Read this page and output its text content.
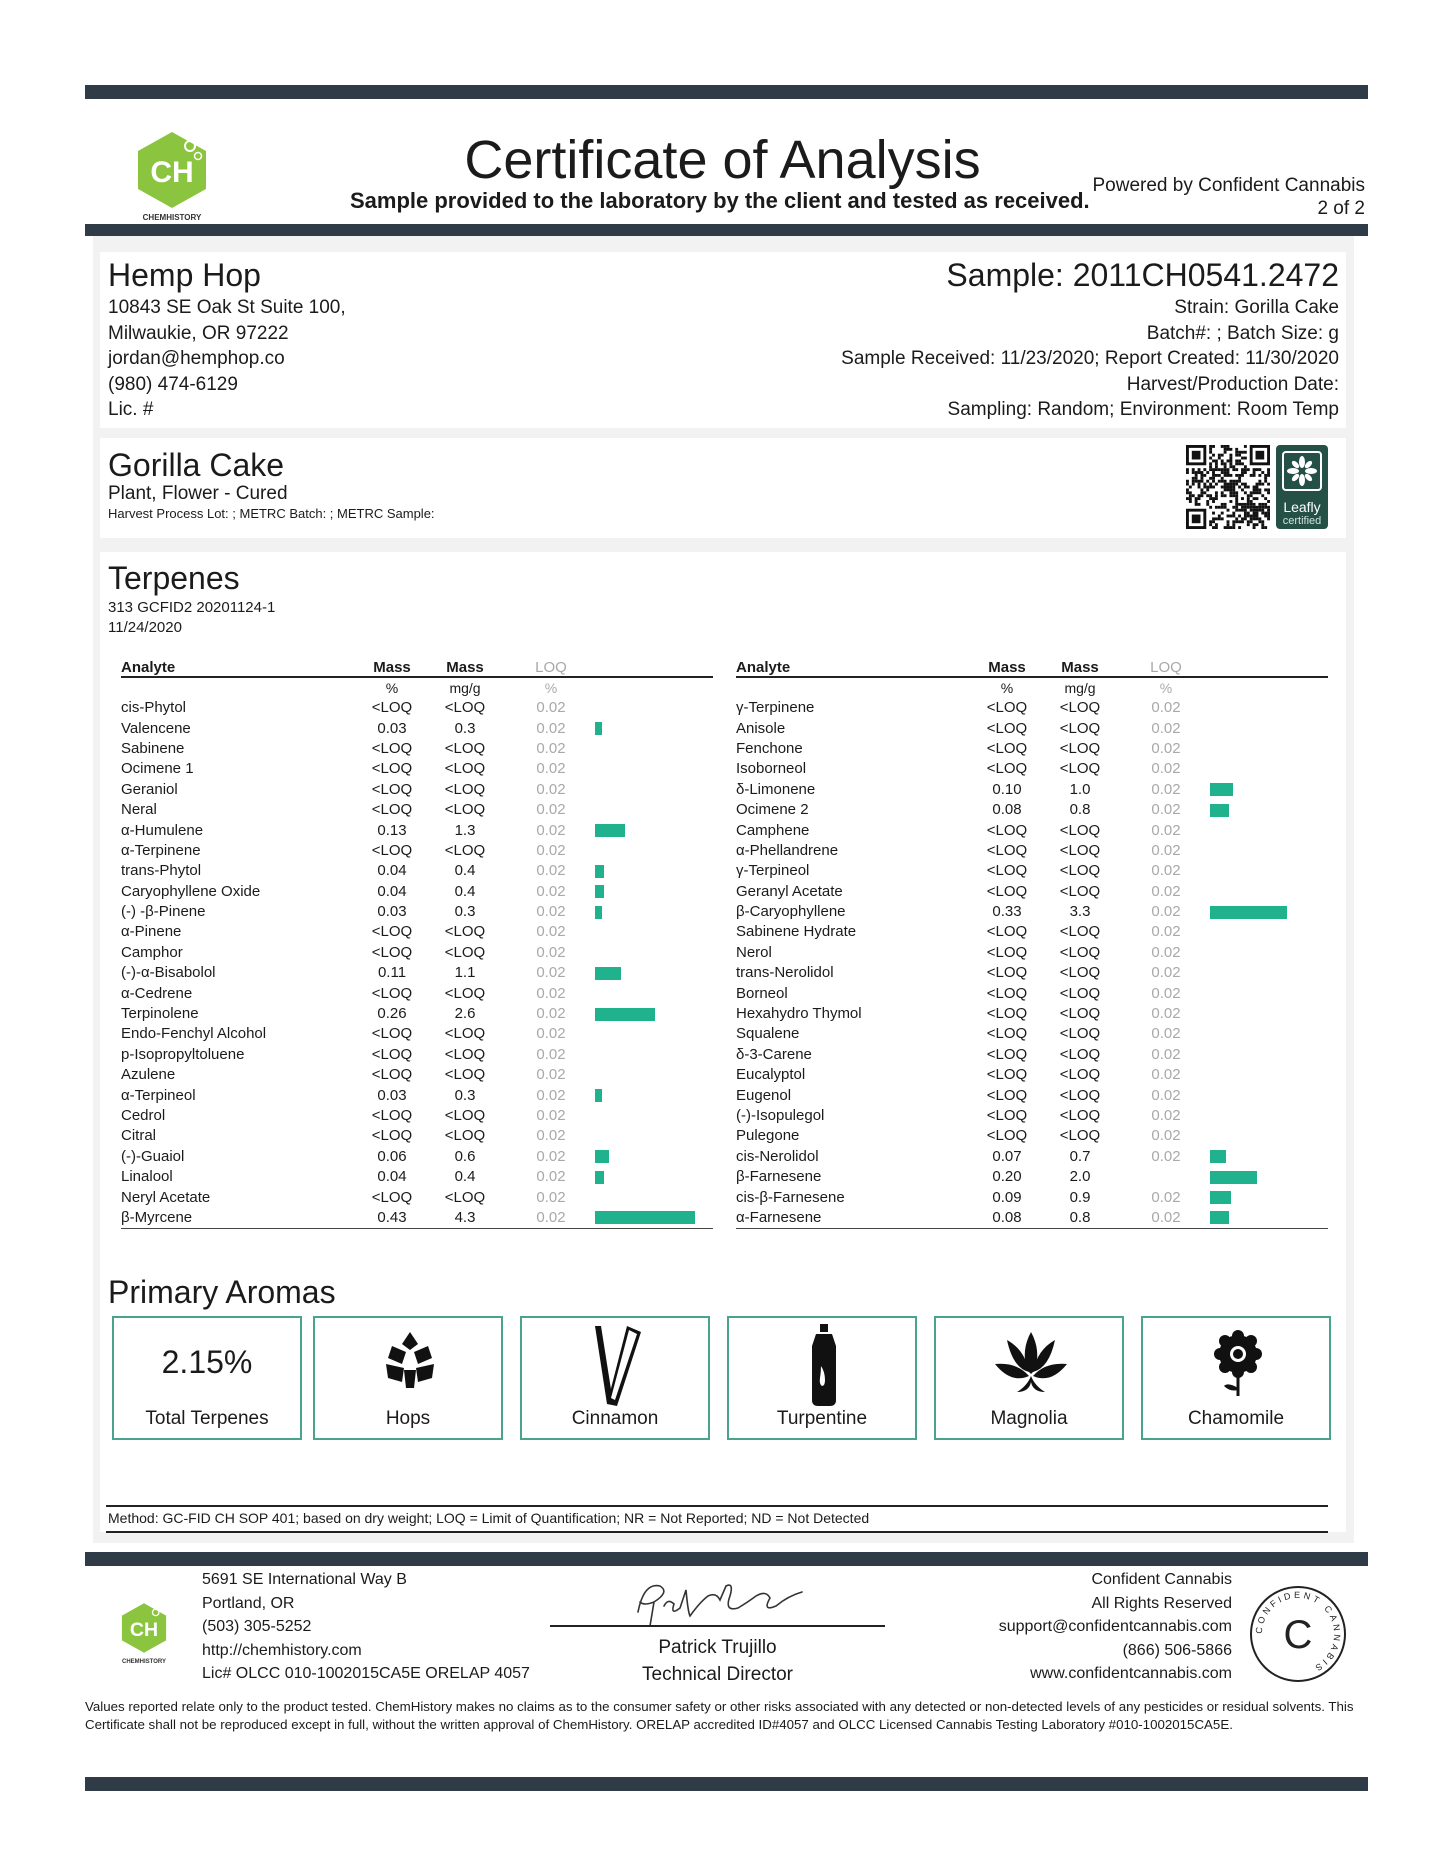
CH
CHEMHISTORY
Certificate of Analysis
Sample provided to the laboratory by the client and tested as received.
Powered by Confident Cannabis
2 of 2

Hemp Hop

10843 SE Oak St Suite 100,

Milwaukie, OR 97222

jordan@hemphop.co

(980) 474-6129

Lic. #

Sample: 2011CH0541.2472

Strain: Gorilla Cake

Batch#: ; Batch Size: g

Sample Received: 11/23/2020; Report Created: 11/30/2020

Harvest/Production Date:

Sampling: Random; Environment: Room Temp

Gorilla Cake
Plant, Flower - Cured
Harvest Process Lot: ; METRC Batch: ; METRC Sample:	Leafly
certified
Terpenes
313 GCFID2 20201124-1
11/24/2020
Analyte	Mass	Mass	LOQ	
	%	mg/g	%	
cis-Phytol	<LOQ	<LOQ	0.02	
Valencene	0.03	0.3	0.02	
Sabinene	<LOQ	<LOQ	0.02	
Ocimene 1	<LOQ	<LOQ	0.02	
Geraniol	<LOQ	<LOQ	0.02	
Neral	<LOQ	<LOQ	0.02	
α-Humulene	0.13	1.3	0.02	
α-Terpinene	<LOQ	<LOQ	0.02	
trans-Phytol	0.04	0.4	0.02	
Caryophyllene Oxide	0.04	0.4	0.02	
(-) -β-Pinene	0.03	0.3	0.02	
α-Pinene	<LOQ	<LOQ	0.02	
Camphor	<LOQ	<LOQ	0.02	
(-)-α-Bisabolol	0.11	1.1	0.02	
α-Cedrene	<LOQ	<LOQ	0.02	
Terpinolene	0.26	2.6	0.02	
Endo-Fenchyl Alcohol	<LOQ	<LOQ	0.02	
p-Isopropyltoluene	<LOQ	<LOQ	0.02	
Azulene	<LOQ	<LOQ	0.02	
α-Terpineol	0.03	0.3	0.02	
Cedrol	<LOQ	<LOQ	0.02	
Citral	<LOQ	<LOQ	0.02	
(-)-Guaiol	0.06	0.6	0.02	
Linalool	0.04	0.4	0.02	
Neryl Acetate	<LOQ	<LOQ	0.02	
β-Myrcene	0.43	4.3	0.02	
Analyte	Mass	Mass	LOQ	
	%	mg/g	%	
γ-Terpinene	<LOQ	<LOQ	0.02	
Anisole	<LOQ	<LOQ	0.02	
Fenchone	<LOQ	<LOQ	0.02	
Isoborneol	<LOQ	<LOQ	0.02	
δ-Limonene	0.10	1.0	0.02	
Ocimene 2	0.08	0.8	0.02	
Camphene	<LOQ	<LOQ	0.02	
α-Phellandrene	<LOQ	<LOQ	0.02	
γ-Terpineol	<LOQ	<LOQ	0.02	
Geranyl Acetate	<LOQ	<LOQ	0.02	
β-Caryophyllene	0.33	3.3	0.02	
Sabinene Hydrate	<LOQ	<LOQ	0.02	
Nerol	<LOQ	<LOQ	0.02	
trans-Nerolidol	<LOQ	<LOQ	0.02	
Borneol	<LOQ	<LOQ	0.02	
Hexahydro Thymol	<LOQ	<LOQ	0.02	
Squalene	<LOQ	<LOQ	0.02	
δ-3-Carene	<LOQ	<LOQ	0.02	
Eucalyptol	<LOQ	<LOQ	0.02	
Eugenol	<LOQ	<LOQ	0.02	
(-)-Isopulegol	<LOQ	<LOQ	0.02	
Pulegone	<LOQ	<LOQ	0.02	
cis-Nerolidol	0.07	0.7	0.02	
β-Farnesene	0.20	2.0		
cis-β-Farnesene	0.09	0.9	0.02	
α-Farnesene	0.08	0.8	0.02	
Primary Aromas
2.15%
Total Terpenes	Hops	Cinnamon	Turpentine	Magnolia	Chamomile
Method: GC-FID CH SOP 401; based on dry weight; LOQ = Limit of Quantification; NR = Not Reported; ND = Not Detected
CH
CHEMHISTORY

5691 SE International Way B

Portland, OR

(503) 305-5252

http://chemhistory.com

Lic# OLCC 010-1002015CA5E ORELAP 4057

Patrick Trujillo
Technical Director

Confident Cannabis

All Rights Reserved

support@confidentcannabis.com

(866) 506-5866

www.confidentcannabis.com

CONFIDENT CANNABIS
C
Values reported relate only to the product tested. ChemHistory makes no claims as to the consumer safety or other risks associated with any detected or non-detected levels of any pesticides or residual solvents. This Certificate shall not be reproduced except in full, without the written approval of ChemHistory. ORELAP accredited ID#4057 and OLCC Licensed Cannabis Testing Laboratory #010-1002015CA5E.
